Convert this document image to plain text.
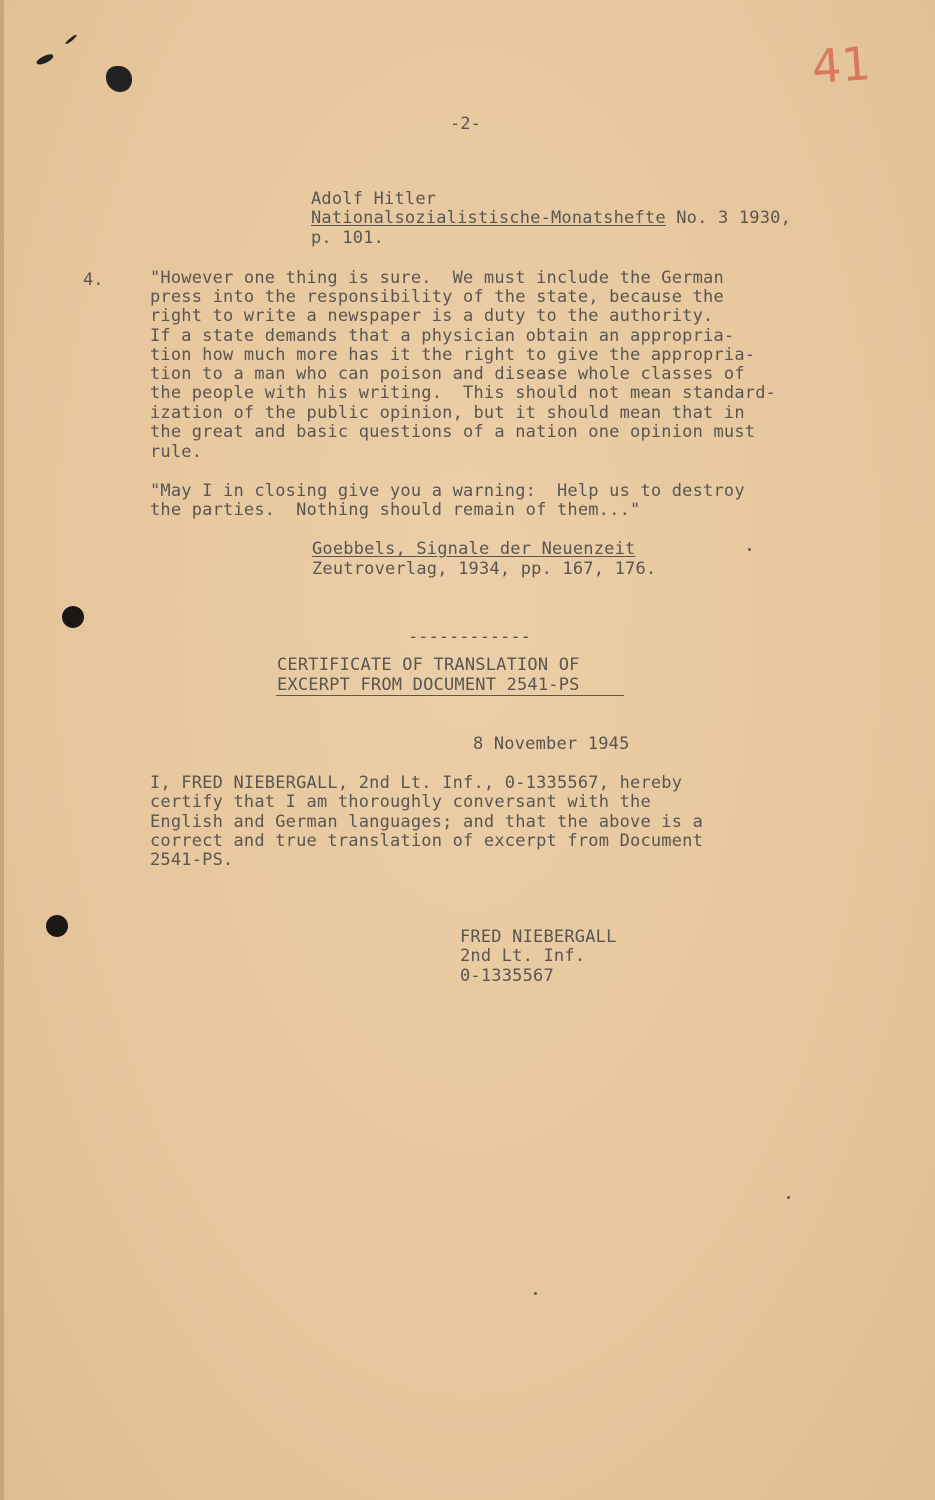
41
-2-
Adolf Hitler
Nationalsozialistische-Monatshefte No. 3 1930,
p. 101.
4.	"However one thing is sure.  We must include the German
press into the responsibility of the state, because the
right to write a newspaper is a duty to the authority.
If a state demands that a physician obtain an appropria-
tion how much more has it the right to give the appropria-
tion to a man who can poison and disease whole classes of
the people with his writing.  This should not mean standard-
ization of the public opinion, but it should mean that in
the great and basic questions of a nation one opinion must
rule.
"May I in closing give you a warning:  Help us to destroy
the parties.  Nothing should remain of them..."
Goebbels, Signale der Neuenzeit
Zeutroverlag, 1934, pp. 167, 176.
------------
CERTIFICATE OF TRANSLATION OF
EXCERPT FROM DOCUMENT 2541-PS
8 November 1945
I, FRED NIEBERGALL, 2nd Lt. Inf., 0-1335567, hereby
certify that I am thoroughly conversant with the
English and German languages; and that the above is a
correct and true translation of excerpt from Document
2541-PS.
FRED NIEBERGALL
2nd Lt. Inf.
0-1335567
